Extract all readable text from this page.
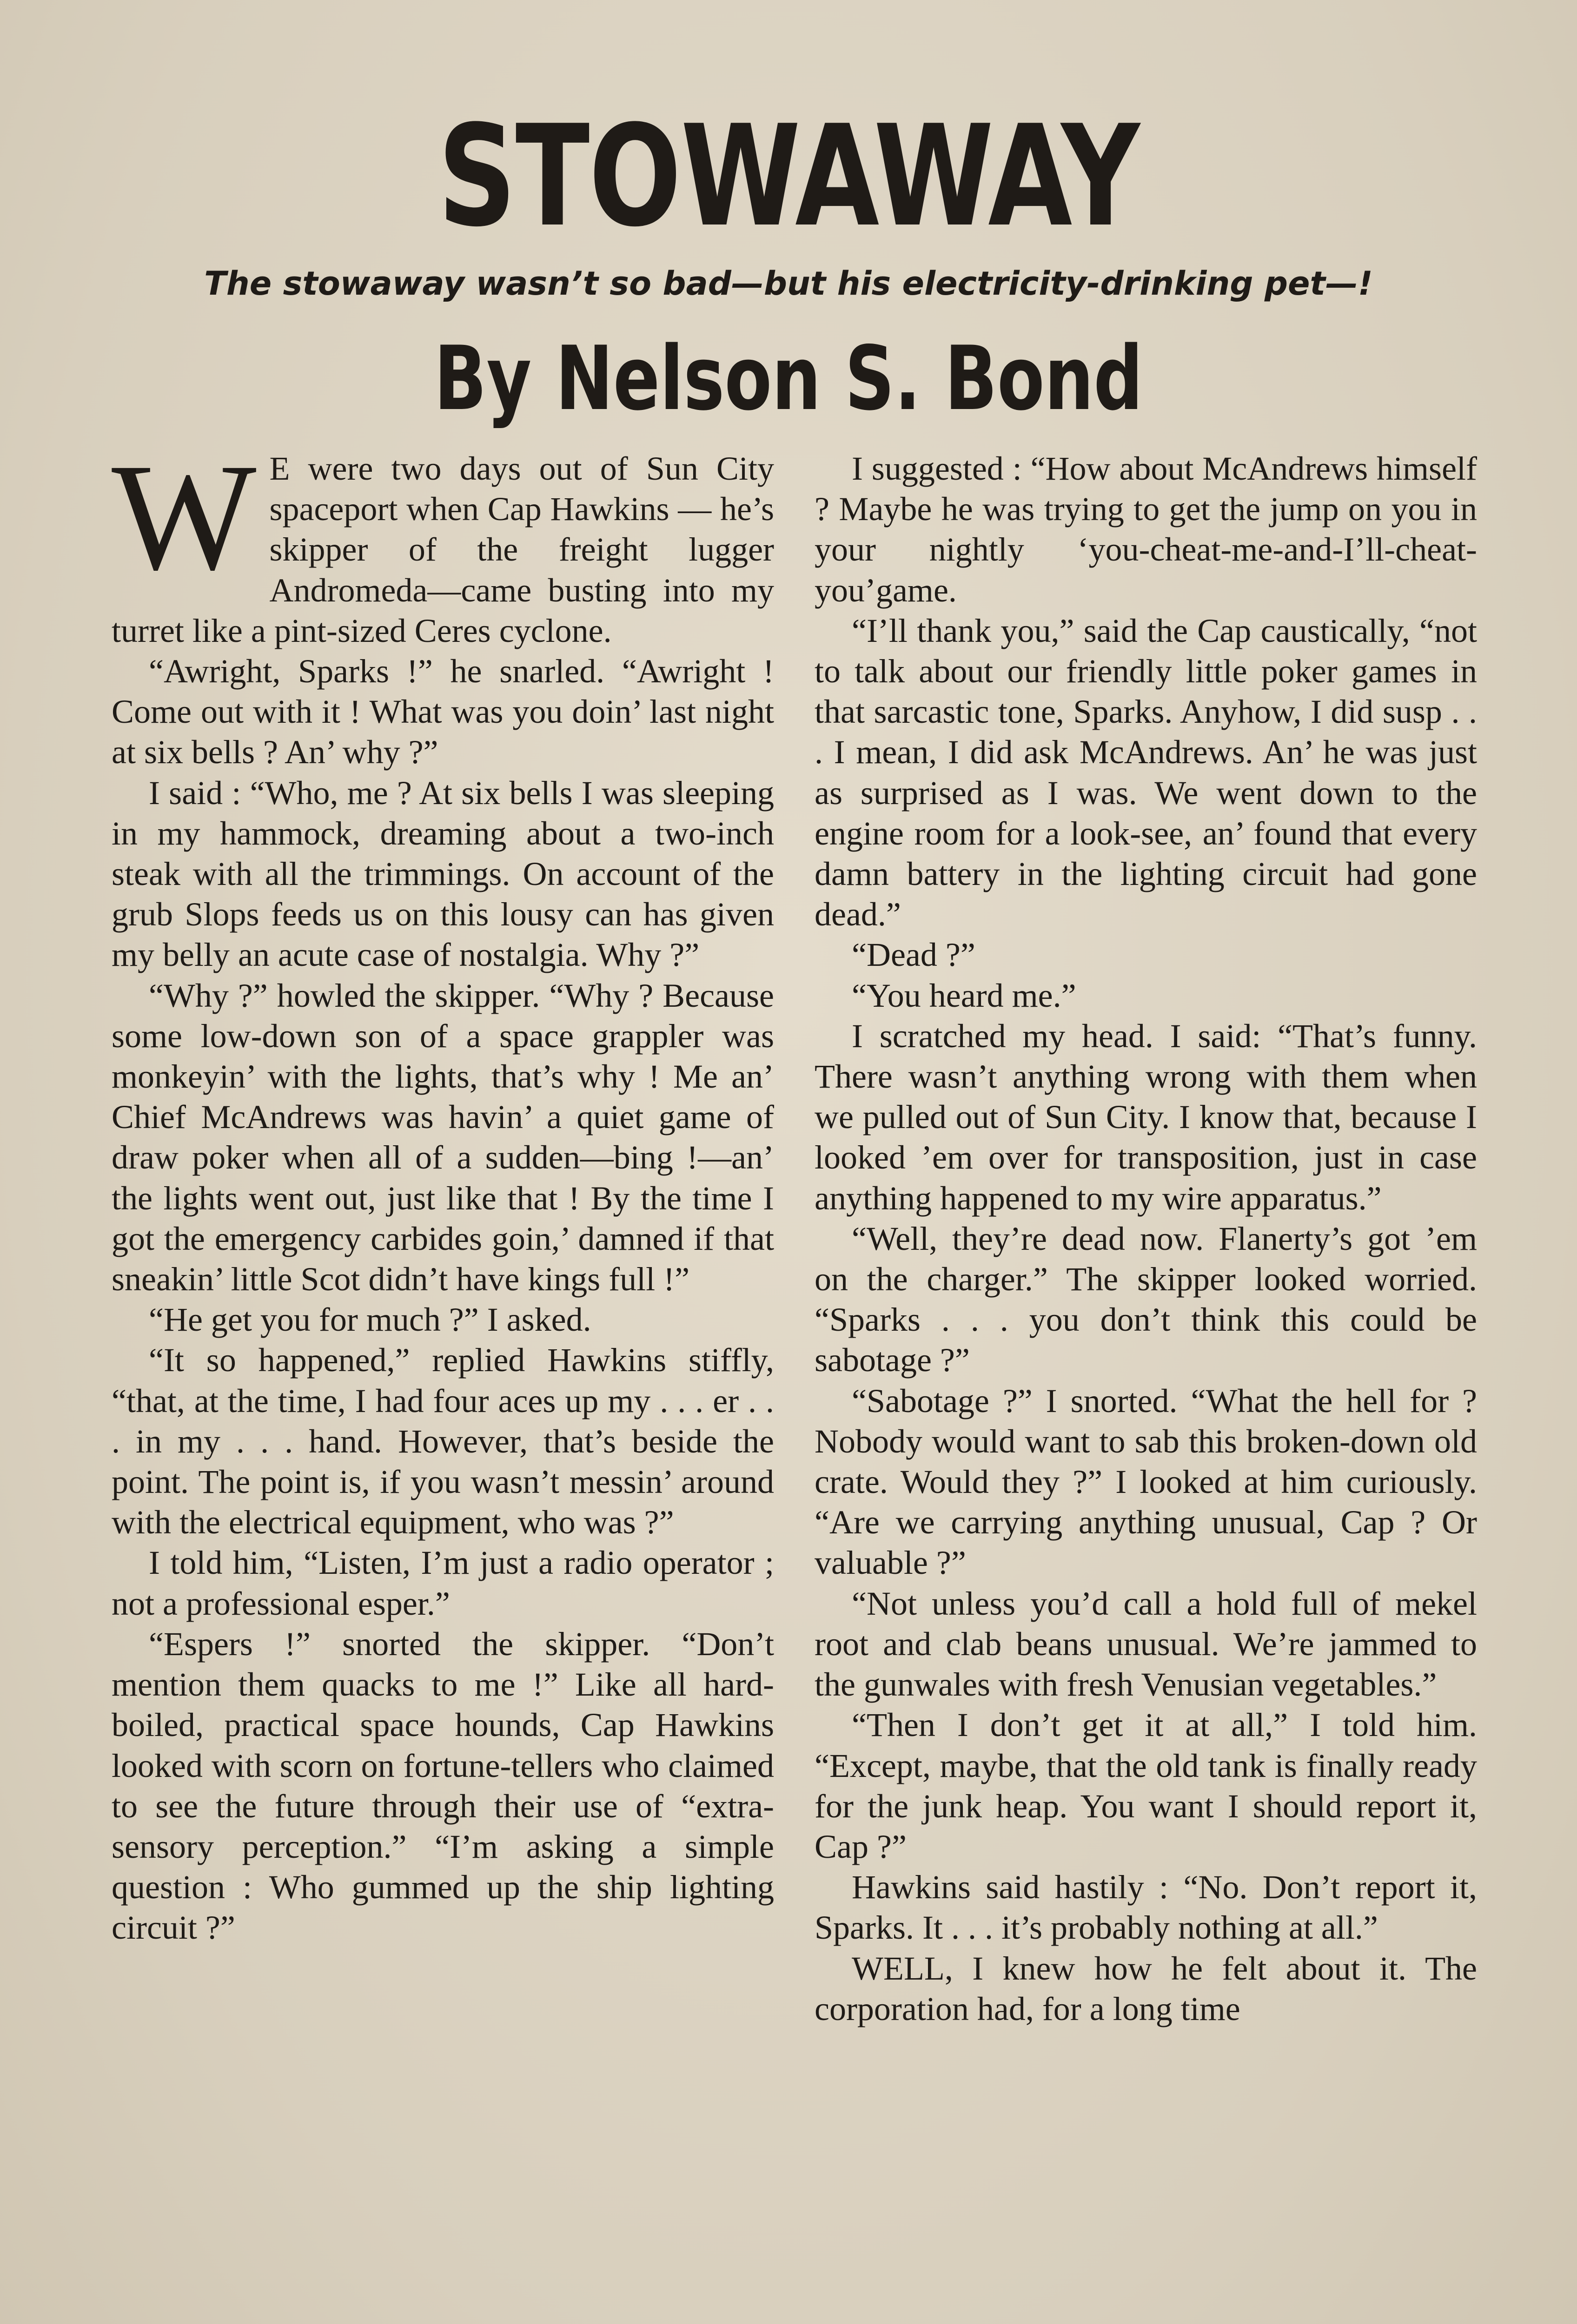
STOWAWAY
The stowaway wasn’t so bad—but his electricity-drinking pet—!
By Nelson S. Bond

W E were two days out of Sun City spaceport when Cap Hawkins — he’s skipper of the freight lugger Andromeda—came busting into my turret like a pint-sized Ceres cyclone.

“Awright, Sparks !” he snarled. “Awright ! Come out with it ! What was you doin’ last night at six bells ? An’ why ?”

I said : “Who, me ? At six bells I was sleeping in my hammock, dreaming about a two-inch steak with all the trimmings. On account of the grub Slops feeds us on this lousy can has given my belly an acute case of nostalgia. Why ?”

“Why ?” howled the skipper. “Why ? Because some low-down son of a space grappler was monkeyin’ with the lights, that’s why ! Me an’ Chief McAndrews was havin’ a quiet game of draw poker when all of a sudden—bing !—an’ the lights went out, just like that ! By the time I got the emergency carbides goin,’ damned if that sneakin’ little Scot didn’t have kings full !”

“He get you for much ?” I asked.

“It so happened,” replied Hawkins stiffly, “that, at the time, I had four aces up my . . . er . . . in my . . . hand. However, that’s beside the point. The point is, if you wasn’t messin’ around with the electrical equipment, who was ?”

I told him, “Listen, I’m just a radio operator ; not a professional esper.”

“Espers !” snorted the skipper. “Don’t mention them quacks to me !” Like all hard-boiled, practical space hounds, Cap Hawkins looked with scorn on fortune-tellers who claimed to see the future through their use of “extra-sensory perception.” “I’m asking a simple question : Who gummed up the ship lighting circuit ?”

I suggested : “How about McAndrews himself ? Maybe he was trying to get the jump on you in your nightly ‘you-cheat-me-and-I’ll-cheat-you’game.

“I’ll thank you,” said the Cap caustically, “not to talk about our friendly little poker games in that sarcastic tone, Sparks. Anyhow, I did susp . . . I mean, I did ask McAndrews. An’ he was just as surprised as I was. We went down to the engine room for a look-see, an’ found that every damn battery in the lighting circuit had gone dead.”

“Dead ?”

“You heard me.”

I scratched my head. I said: “That’s funny. There wasn’t anything wrong with them when we pulled out of Sun City. I know that, because I looked ’em over for transposition, just in case anything happened to my wire apparatus.”

“Well, they’re dead now. Flanerty’s got ’em on the charger.” The skipper looked worried. “Sparks . . . you don’t think this could be sabotage ?”

“Sabotage ?” I snorted. “What the hell for ? Nobody would want to sab this broken-down old crate. Would they ?” I looked at him curiously. “Are we carrying anything unusual, Cap ? Or valuable ?”

“Not unless you’d call a hold full of mekel root and clab beans unusual. We’re jammed to the gunwales with fresh Venusian vegetables.”

“Then I don’t get it at all,” I told him. “Except, maybe, that the old tank is finally ready for the junk heap. You want I should report it, Cap ?”

Hawkins said hastily : “No. Don’t report it, Sparks. It . . . it’s probably nothing at all.”

WELL, I knew how he felt about it. The corporation had, for a long time
